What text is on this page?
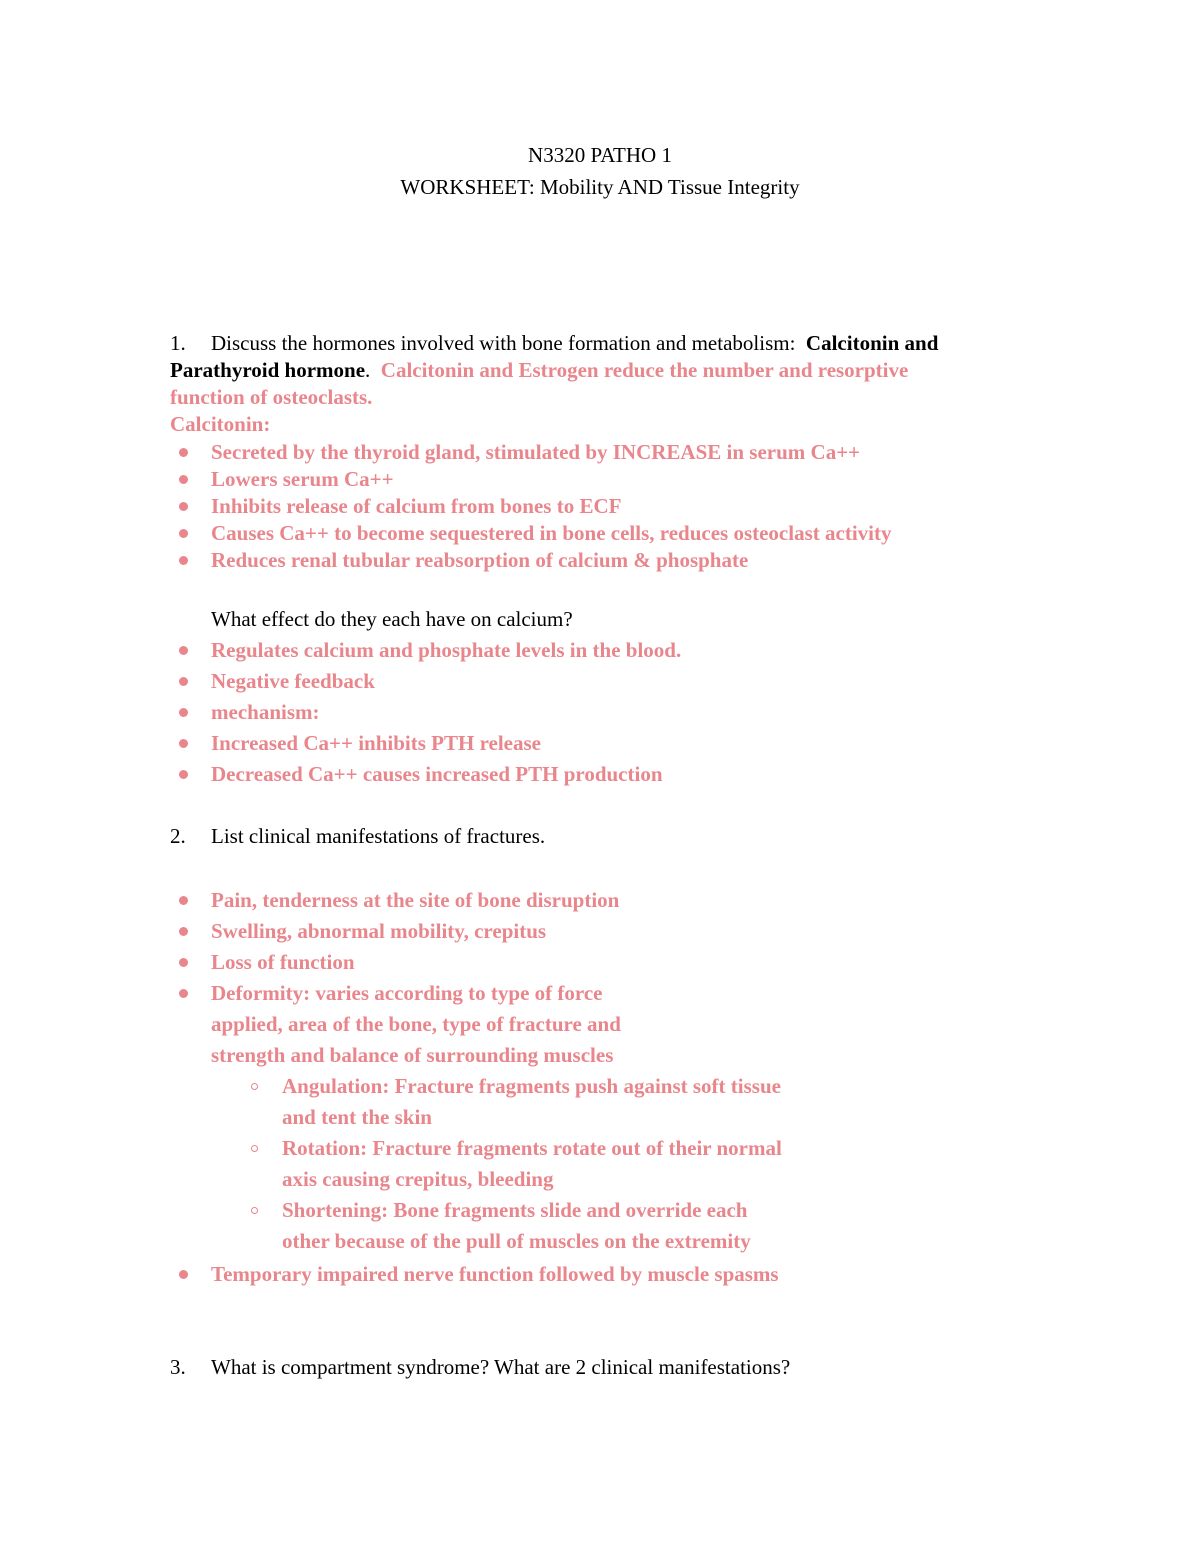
N3320 PATHO 1
WORKSHEET: Mobility AND Tissue Integrity
1. Discuss the hormones involved with bone formation and metabolism: Calcitonin and
Parathyroid hormone. Calcitonin and Estrogen reduce the number and resorptive
function of osteoclasts.
Calcitonin:
Secreted by the thyroid gland, stimulated by INCREASE in serum Ca++
Lowers serum Ca++
Inhibits release of calcium from bones to ECF
Causes Ca++ to become sequestered in bone cells, reduces osteoclast activity
Reduces renal tubular reabsorption of calcium & phosphate
What effect do they each have on calcium?
Regulates calcium and phosphate levels in the blood.
Negative feedback
mechanism:
Increased Ca++ inhibits PTH release
Decreased Ca++ causes increased PTH production
2. List clinical manifestations of fractures.
Pain, tenderness at the site of bone disruption
Swelling, abnormal mobility, crepitus
Loss of function
Deformity: varies according to type of force
applied, area of the bone, type of fracture and
strength and balance of surrounding muscles
Angulation: Fracture fragments push against soft tissue
and tent the skin
Rotation: Fracture fragments rotate out of their normal
axis causing crepitus, bleeding
Shortening: Bone fragments slide and override each
other because of the pull of muscles on the extremity
Temporary impaired nerve function followed by muscle spasms
3. What is compartment syndrome? What are 2 clinical manifestations?
